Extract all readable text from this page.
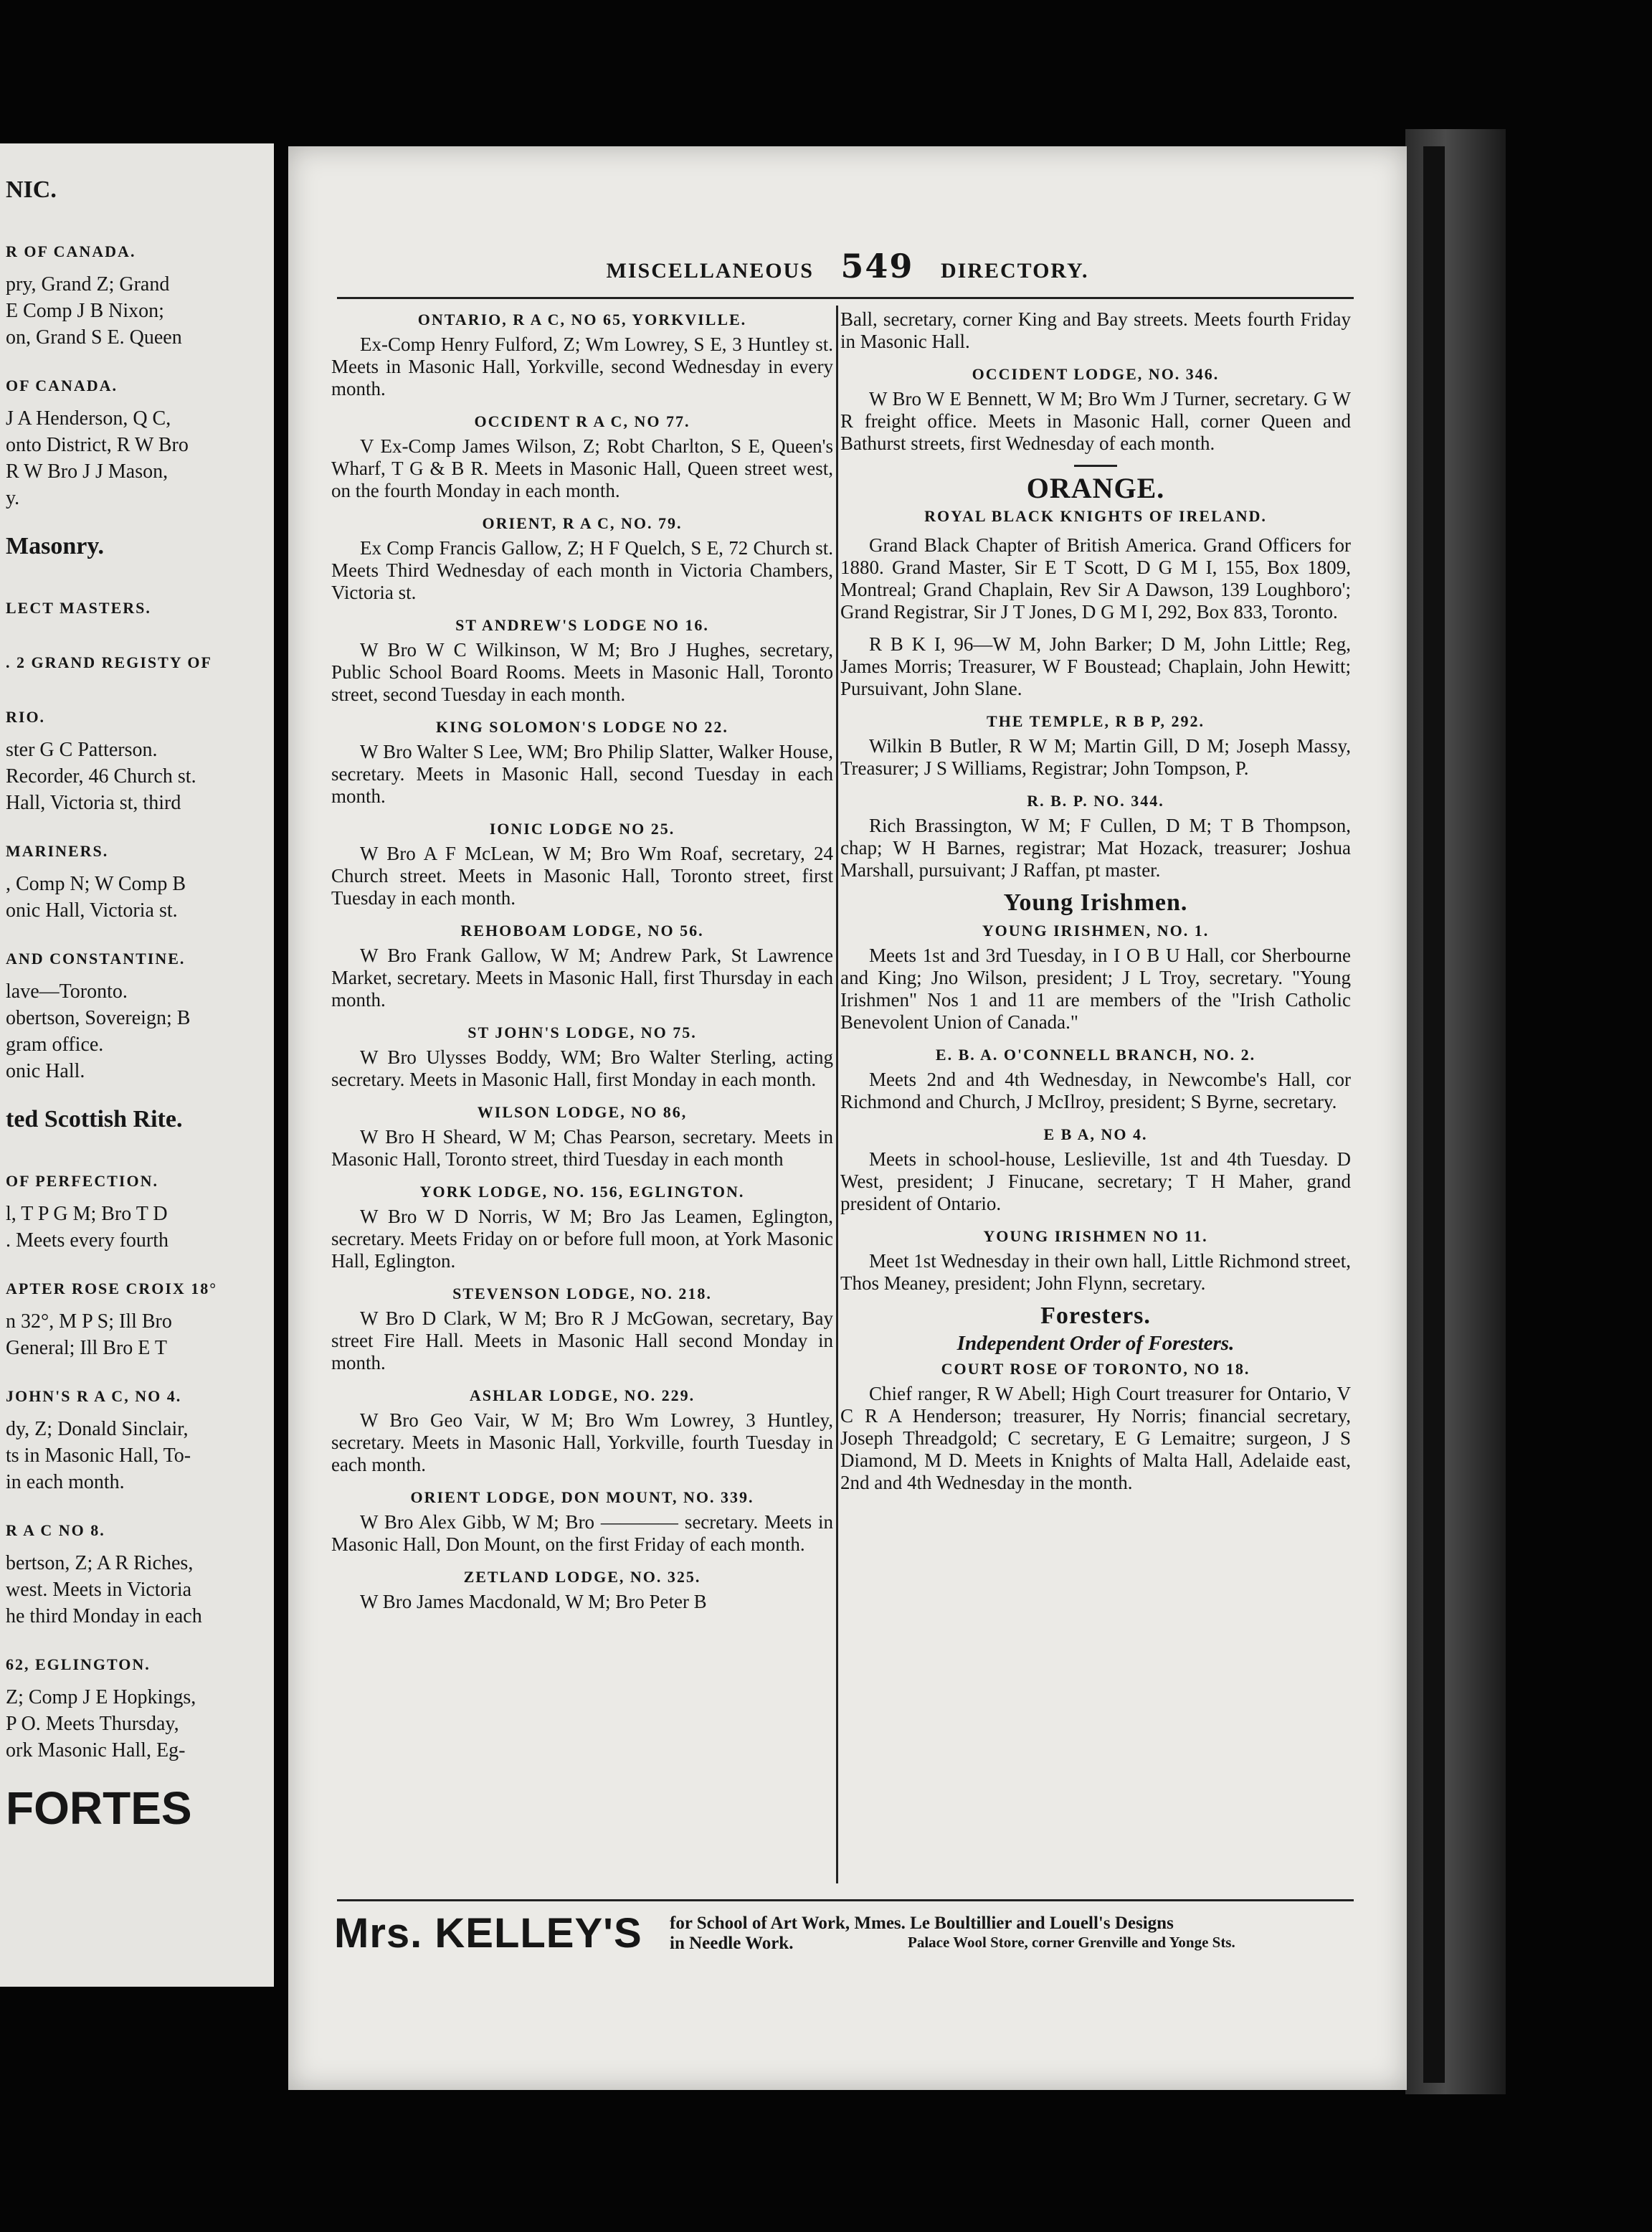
NIC.
R OF CANADA.
pry, Grand Z; Grand
E Comp J B Nixon;
on, Grand S E. Queen
OF CANADA.
J A Henderson, Q C,
onto District, R W Bro
R W Bro J J Mason,
y.
Masonry.
LECT MASTERS.
. 2 GRAND REGISTY OF
RIO.
ster G C Patterson.
Recorder, 46 Church st.
Hall, Victoria st, third
MARINERS.
, Comp N; W Comp B
onic Hall, Victoria st.
AND CONSTANTINE.
lave—Toronto.
obertson, Sovereign; B
gram office.
onic Hall.
ted Scottish Rite.
OF PERFECTION.
l, T P G M; Bro T D
. Meets every fourth
APTER ROSE CROIX 18°
n 32°, M P S; Ill Bro
General; Ill Bro E T
JOHN'S R A C, NO 4.
dy, Z; Donald Sinclair,
ts in Masonic Hall, To-
in each month.
R A C NO 8.
bertson, Z; A R Riches,
west. Meets in Victoria
he third Monday in each
62, EGLINGTON.
Z; Comp J E Hopkings,
P O. Meets Thursday,
ork Masonic Hall, Eg-
FORTES
MISCELLANEOUS 549 DIRECTORY.
ONTARIO, R A C, NO 65, YORKVILLE.
Ex-Comp Henry Fulford, Z; Wm Lowrey, S E, 3 Huntley st. Meets in Masonic Hall, Yorkville, second Wednesday in every month.
OCCIDENT R A C, NO 77.
V Ex-Comp James Wilson, Z; Robt Charlton, S E, Queen's Wharf, T G & B R. Meets in Masonic Hall, Queen street west, on the fourth Monday in each month.
ORIENT, R A C, NO. 79.
Ex Comp Francis Gallow, Z; H F Quelch, S E, 72 Church st. Meets Third Wednesday of each month in Victoria Chambers, Victoria st.
ST ANDREW'S LODGE NO 16.
W Bro W C Wilkinson, W M; Bro J Hughes, secretary, Public School Board Rooms. Meets in Masonic Hall, Toronto street, second Tuesday in each month.
KING SOLOMON'S LODGE NO 22.
W Bro Walter S Lee, WM; Bro Philip Slatter, Walker House, secretary. Meets in Masonic Hall, second Tuesday in each month.
IONIC LODGE NO 25.
W Bro A F McLean, W M; Bro Wm Roaf, secretary, 24 Church street. Meets in Masonic Hall, Toronto street, first Tuesday in each month.
REHOBOAM LODGE, NO 56.
W Bro Frank Gallow, W M; Andrew Park, St Lawrence Market, secretary. Meets in Masonic Hall, first Thursday in each month.
ST JOHN'S LODGE, NO 75.
W Bro Ulysses Boddy, WM; Bro Walter Sterling, acting secretary. Meets in Masonic Hall, first Monday in each month.
WILSON LODGE, NO 86,
W Bro H Sheard, W M; Chas Pearson, secretary. Meets in Masonic Hall, Toronto street, third Tuesday in each month
YORK LODGE, NO. 156, EGLINGTON.
W Bro W D Norris, W M; Bro Jas Leamen, Eglington, secretary. Meets Friday on or before full moon, at York Masonic Hall, Eglington.
STEVENSON LODGE, NO. 218.
W Bro D Clark, W M; Bro R J McGowan, secretary, Bay street Fire Hall. Meets in Masonic Hall second Monday in month.
ASHLAR LODGE, NO. 229.
W Bro Geo Vair, W M; Bro Wm Lowrey, 3 Huntley, secretary. Meets in Masonic Hall, Yorkville, fourth Tuesday in each month.
ORIENT LODGE, DON MOUNT, NO. 339.
W Bro Alex Gibb, W M; Bro ———— secretary. Meets in Masonic Hall, Don Mount, on the first Friday of each month.
ZETLAND LODGE, NO. 325.
W Bro James Macdonald, W M; Bro Peter B
Ball, secretary, corner King and Bay streets. Meets fourth Friday in Masonic Hall.
OCCIDENT LODGE, NO. 346.
W Bro W E Bennett, W M; Bro Wm J Turner, secretary. G W R freight office. Meets in Masonic Hall, corner Queen and Bathurst streets, first Wednesday of each month.
ORANGE.
ROYAL BLACK KNIGHTS OF IRELAND.
Grand Black Chapter of British America. Grand Officers for 1880. Grand Master, Sir E T Scott, D G M I, 155, Box 1809, Montreal; Grand Chaplain, Rev Sir A Dawson, 139 Loughboro'; Grand Registrar, Sir J T Jones, D G M I, 292, Box 833, Toronto.
R B K I, 96—W M, John Barker; D M, John Little; Reg, James Morris; Treasurer, W F Boustead; Chaplain, John Hewitt; Pursuivant, John Slane.
THE TEMPLE, R B P, 292.
Wilkin B Butler, R W M; Martin Gill, D M; Joseph Massy, Treasurer; J S Williams, Registrar; John Tompson, P.
R. B. P. NO. 344.
Rich Brassington, W M; F Cullen, D M; T B Thompson, chap; W H Barnes, registrar; Mat Hozack, treasurer; Joshua Marshall, pursuivant; J Raffan, pt master.
Young Irishmen.
YOUNG IRISHMEN, NO. 1.
Meets 1st and 3rd Tuesday, in I O B U Hall, cor Sherbourne and King; Jno Wilson, president; J L Troy, secretary. "Young Irishmen" Nos 1 and 11 are members of the "Irish Catholic Benevolent Union of Canada."
E. B. A. O'CONNELL BRANCH, NO. 2.
Meets 2nd and 4th Wednesday, in Newcombe's Hall, cor Richmond and Church, J McIlroy, president; S Byrne, secretary.
E B A, NO 4.
Meets in school-house, Leslieville, 1st and 4th Tuesday. D West, president; J Finucane, secretary; T H Maher, grand president of Ontario.
YOUNG IRISHMEN NO 11.
Meet 1st Wednesday in their own hall, Little Richmond street, Thos Meaney, president; John Flynn, secretary.
Foresters.
Independent Order of Foresters.
COURT ROSE OF TORONTO, NO 18.
Chief ranger, R W Abell; High Court treasurer for Ontario, V C R A Henderson; treasurer, Hy Norris; financial secretary, Joseph Threadgold; C secretary, E G Lemaitre; surgeon, J S Diamond, M D. Meets in Knights of Malta Hall, Adelaide east, 2nd and 4th Wednesday in the month.
Mrs. KELLEY'S for School of Art Work, Mmes. Le Boultillier and Louell's Designs
in Needle Work.	Palace Wool Store, corner Grenville and Yonge Sts.
